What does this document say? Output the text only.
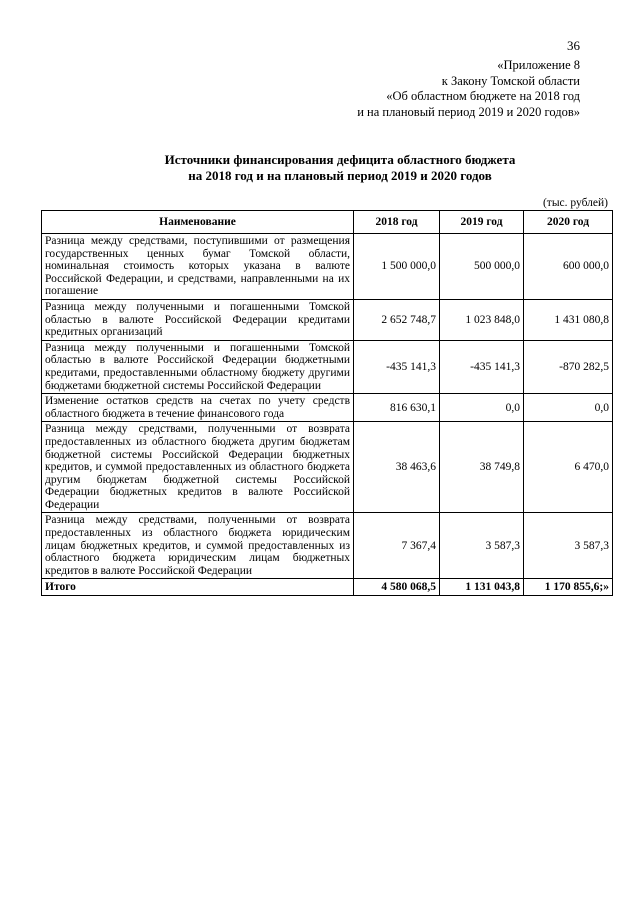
36
«Приложение 8
к Закону Томской области
«Об областном бюджете на 2018 год
и на плановый период 2019 и 2020 годов»
Источники финансирования дефицита областного бюджета
на 2018 год и на плановый период 2019 и 2020 годов
(тыс. рублей)
Наименование	2018 год	2019 год	2020 год
Разница между средствами, поступившими от размещения государственных ценных бумаг Томской области, номинальная стоимость которых указана в валюте Российской Федерации, и средствами, направленными на их погашение	1 500 000,0	500 000,0	600 000,0
Разница между полученными и погашенными Томской областью в валюте Российской Федерации кредитами кредитных организаций	2 652 748,7	1 023 848,0	1 431 080,8
Разница между полученными и погашенными Томской областью в валюте Российской Федерации бюджетными кредитами, предоставленными областному бюджету другими бюджетами бюджетной системы Российской Федерации	-435 141,3	-435 141,3	-870 282,5
Изменение остатков средств на счетах по учету средств областного бюджета в течение финансового года	816 630,1	0,0	0,0
Разница между средствами, полученными от возврата предоставленных из областного бюджета другим бюджетам бюджетной системы Российской Федерации бюджетных кредитов, и суммой предоставленных из областного бюджета другим бюджетам бюджетной системы Российской Федерации бюджетных кредитов в валюте Российской Федерации	38 463,6	38 749,8	6 470,0
Разница между средствами, полученными от возврата предоставленных из областного бюджета юридическим лицам бюджетных кредитов, и суммой предоставленных из областного бюджета юридическим лицам бюджетных кредитов в валюте Российской Федерации	7 367,4	3 587,3	3 587,3
Итого	4 580 068,5	1 131 043,8	1 170 855,6;»
